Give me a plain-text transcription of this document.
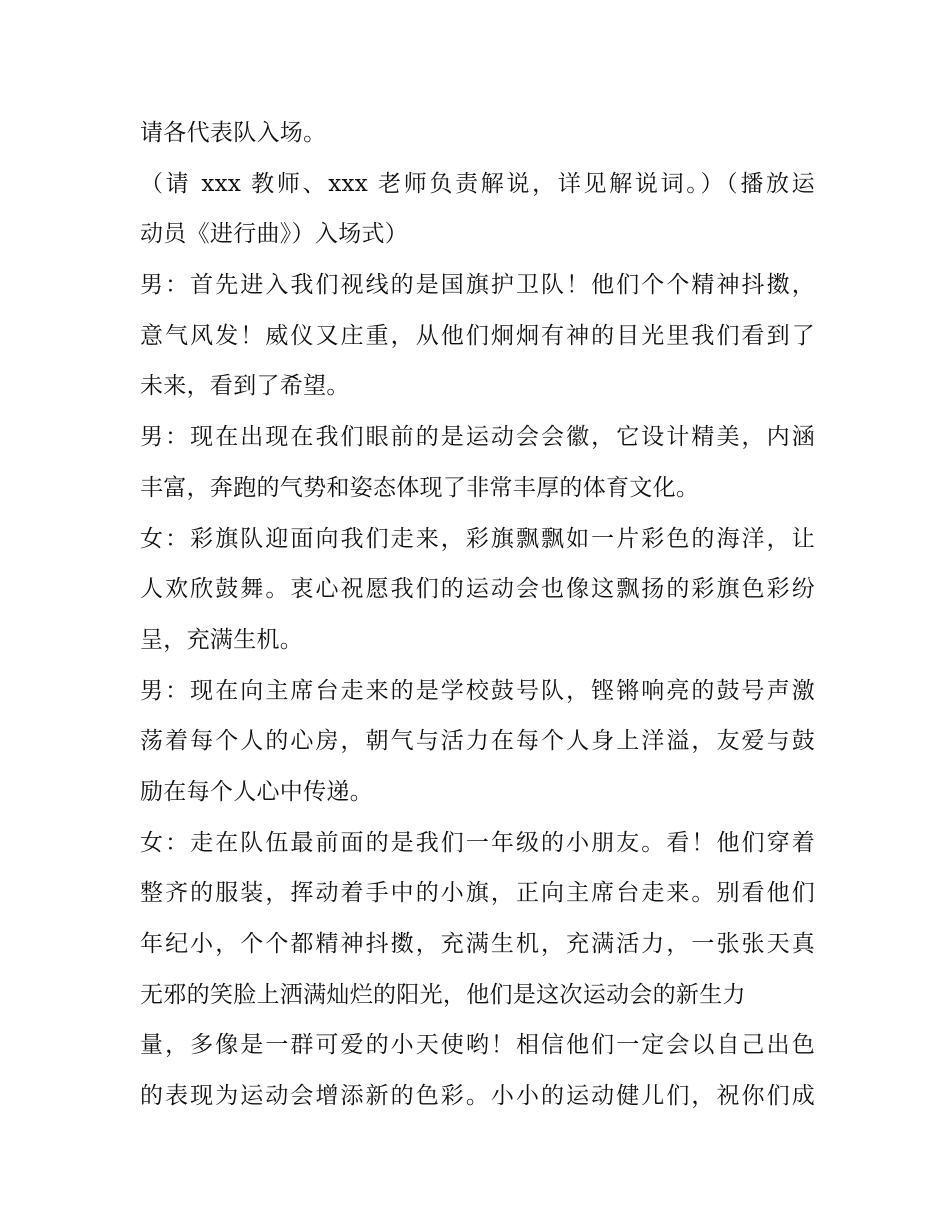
请各代表队入场。
（请 xxx 教师、xxx 老师负责解说，详见解说词。）（播放运
动员《进行曲》）入场式）
男：首先进入我们视线的是国旗护卫队！他们个个精神抖擞，
意气风发！威仪又庄重，从他们炯炯有神的目光里我们看到了
未来，看到了希望。
男：现在出现在我们眼前的是运动会会徽，它设计精美，内涵
丰富，奔跑的气势和姿态体现了非常丰厚的体育文化。
女：彩旗队迎面向我们走来，彩旗飘飘如一片彩色的海洋，让
人欢欣鼓舞。衷心祝愿我们的运动会也像这飘扬的彩旗色彩纷
呈，充满生机。
男：现在向主席台走来的是学校鼓号队，铿锵响亮的鼓号声激
荡着每个人的心房，朝气与活力在每个人身上洋溢，友爱与鼓
励在每个人心中传递。
女：走在队伍最前面的是我们一年级的小朋友。看！他们穿着
整齐的服装，挥动着手中的小旗，正向主席台走来。别看他们
年纪小，个个都精神抖擞，充满生机，充满活力，一张张天真
无邪的笑脸上洒满灿烂的阳光，他们是这次运动会的新生力
量，多像是一群可爱的小天使哟！相信他们一定会以自己出色
的表现为运动会增添新的色彩。小小的运动健儿们，祝你们成
